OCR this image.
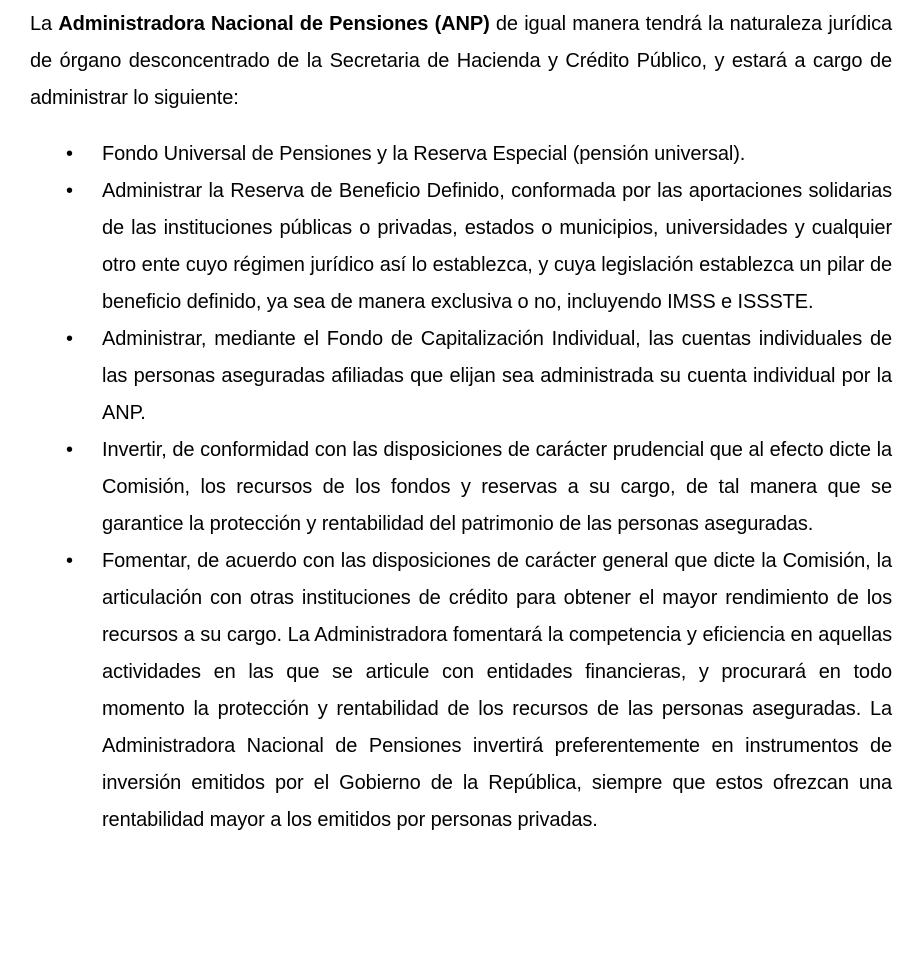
La Administradora Nacional de Pensiones (ANP) de igual manera tendrá la naturaleza jurídica de órgano desconcentrado de la Secretaria de Hacienda y Crédito Público, y estará a cargo de administrar lo siguiente:

• Fondo Universal de Pensiones y la Reserva Especial (pensión universal).
• Administrar la Reserva de Beneficio Definido, conformada por las aportaciones solidarias de las instituciones públicas o privadas, estados o municipios, universidades y cualquier otro ente cuyo régimen jurídico así lo establezca, y cuya legislación establezca un pilar de beneficio definido, ya sea de manera exclusiva o no, incluyendo IMSS e ISSSTE.
• Administrar, mediante el Fondo de Capitalización Individual, las cuentas individuales de las personas aseguradas afiliadas que elijan sea administrada su cuenta individual por la ANP.
• Invertir, de conformidad con las disposiciones de carácter prudencial que al efecto dicte la Comisión, los recursos de los fondos y reservas a su cargo, de tal manera que se garantice la protección y rentabilidad del patrimonio de las personas aseguradas.
• Fomentar, de acuerdo con las disposiciones de carácter general que dicte la Comisión, la articulación con otras instituciones de crédito para obtener el mayor rendimiento de los recursos a su cargo. La Administradora fomentará la competencia y eficiencia en aquellas actividades en las que se articule con entidades financieras, y procurará en todo momento la protección y rentabilidad de los recursos de las personas aseguradas. La Administradora Nacional de Pensiones invertirá preferentemente en instrumentos de inversión emitidos por el Gobierno de la República, siempre que estos ofrezcan una rentabilidad mayor a los emitidos por personas privadas.
